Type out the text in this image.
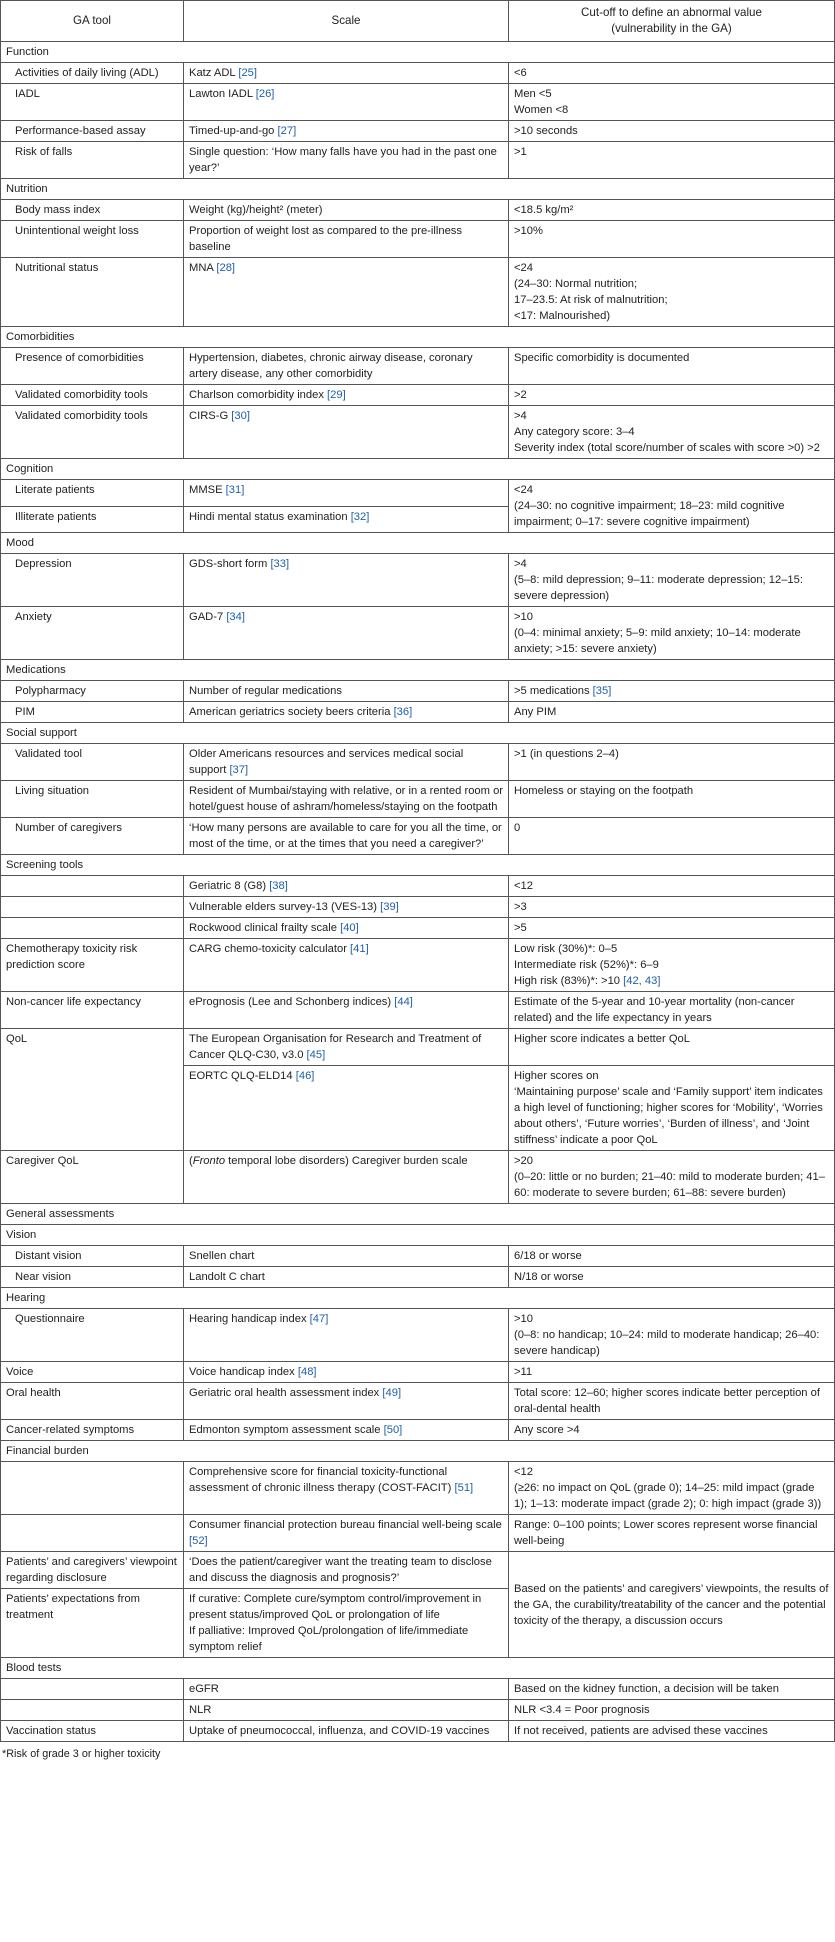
GA tool	Scale	Cut-off to define an abnormal value
(vulnerability in the GA)
Function		
Activities of daily living (ADL)	Katz ADL [25]	<6

IADL	Lawton IADL [26]	Men <5
Women <8

Performance-based assay	Timed-up-and-go [27]	>10 seconds

Risk of falls	Single question: ‘How many falls have you had in the past one year?’	>1

Nutrition		
Body mass index	Weight (kg)/height² (meter)	<18.5 kg/m²

Unintentional weight loss	Proportion of weight lost as compared to the pre-illness baseline	>10%

Nutritional status	MNA [28]	<24
(24–30: Normal nutrition;
17–23.5: At risk of malnutrition;
<17: Malnourished)

Comorbidities		
Presence of comorbidities	Hypertension, diabetes, chronic airway disease, coronary artery disease, any other comorbidity	Specific comorbidity is documented

Validated comorbidity tools	Charlson comorbidity index [29]	>2

Validated comorbidity tools	CIRS-G [30]	>4
Any category score: 3–4
Severity index (total score/number of scales with score >0) >2

Cognition		
Literate patients	MMSE [31]	<24
(24–30: no cognitive impairment; 18–23: mild cognitive impairment; 0–17: severe cognitive impairment)

Illiterate patients	Hindi mental status examination [32]	
Mood		
Depression	GDS-short form [33]	>4
(5–8: mild depression; 9–11: moderate depression; 12–15: severe depression)

Anxiety	GAD-7 [34]	>10
(0–4: minimal anxiety; 5–9: mild anxiety; 10–14: moderate anxiety; >15: severe anxiety)

Medications		
Polypharmacy	Number of regular medications	>5 medications [35]
PIM	American geriatrics society beers criteria [36]	Any PIM

Social support		
Validated tool	Older Americans resources and services medical social support [37]	>1 (in questions 2–4)

Living situation	Resident of Mumbai/staying with relative, or in a rented room or hotel/guest house of ashram/homeless/staying on the footpath	Homeless or staying on the footpath

Number of caregivers	‘How many persons are available to care for you all the time, or most of the time, or at the times that you need a caregiver?’	0

Screening tools		
	Geriatric 8 (G8) [38]	<12

	Vulnerable elders survey-13 (VES-13) [39]	>3

	Rockwood clinical frailty scale [40]	>5

Chemotherapy toxicity risk prediction score	CARG chemo-toxicity calculator [41]	Low risk (30%)*: 0–5
Intermediate risk (52%)*: 6–9
High risk (83%)*: >10 [42, 43]

Non-cancer life expectancy	ePrognosis (Lee and Schonberg indices) [44]	Estimate of the 5-year and 10-year mortality (non-cancer related) and the life expectancy in years

QoL	The European Organisation for Research and Treatment of Cancer QLQ-C30, v3.0 [45]	Higher score indicates a better QoL

	EORTC QLQ-ELD14 [46]	Higher scores on
‘Maintaining purpose’ scale and ‘Family support’ item indicates a high level of functioning; higher scores for ‘Mobility’, ‘Worries about others’, ‘Future worries’, ‘Burden of illness’, and ‘Joint stiffness’ indicate a poor QoL

Caregiver QoL	(Fronto temporal lobe disorders) Caregiver burden scale	>20
(0–20: little or no burden; 21–40: mild to moderate burden; 41–60: moderate to severe burden; 61–88: severe burden)

General assessments		
Vision		
Distant vision	Snellen chart	6/18 or worse

Near vision	Landolt C chart	N/18 or worse

Hearing		
Questionnaire	Hearing handicap index [47]	>10
(0–8: no handicap; 10–24: mild to moderate handicap; 26–40: severe handicap)

Voice	Voice handicap index [48]	>11

Oral health	Geriatric oral health assessment index [49]	Total score: 12–60; higher scores indicate better perception of oral-dental health

Cancer-related symptoms	Edmonton symptom assessment scale [50]	Any score >4

Financial burden		
	Comprehensive score for financial toxicity-functional assessment of chronic illness therapy (COST-FACIT) [51]	<12
(≥26: no impact on QoL (grade 0); 14–25: mild impact (grade 1); 1–13: moderate impact (grade 2); 0: high impact (grade 3))

	Consumer financial protection bureau financial well-being scale [52]	Range: 0–100 points; Lower scores represent worse financial well-being

Patients’ and caregivers’ viewpoint regarding disclosure	‘Does the patient/caregiver want the treating team to disclose and discuss the diagnosis and prognosis?’	Based on the patients’ and caregivers’ viewpoints, the results of the GA, the curability/treatability of the cancer and the potential toxicity of the therapy, a discussion occurs

Patients’ expectations from treatment	If curative: Complete cure/symptom control/improvement in present status/improved QoL or prolongation of life
If palliative: Improved QoL/prolongation of life/immediate symptom relief	

Blood tests		
	eGFR	Based on the kidney function, a decision will be taken

	NLR	NLR <3.4 = Poor prognosis

Vaccination status	Uptake of pneumococcal, influenza, and COVID-19 vaccines	If not received, patients are advised these vaccines
*Risk of grade 3 or higher toxicity
